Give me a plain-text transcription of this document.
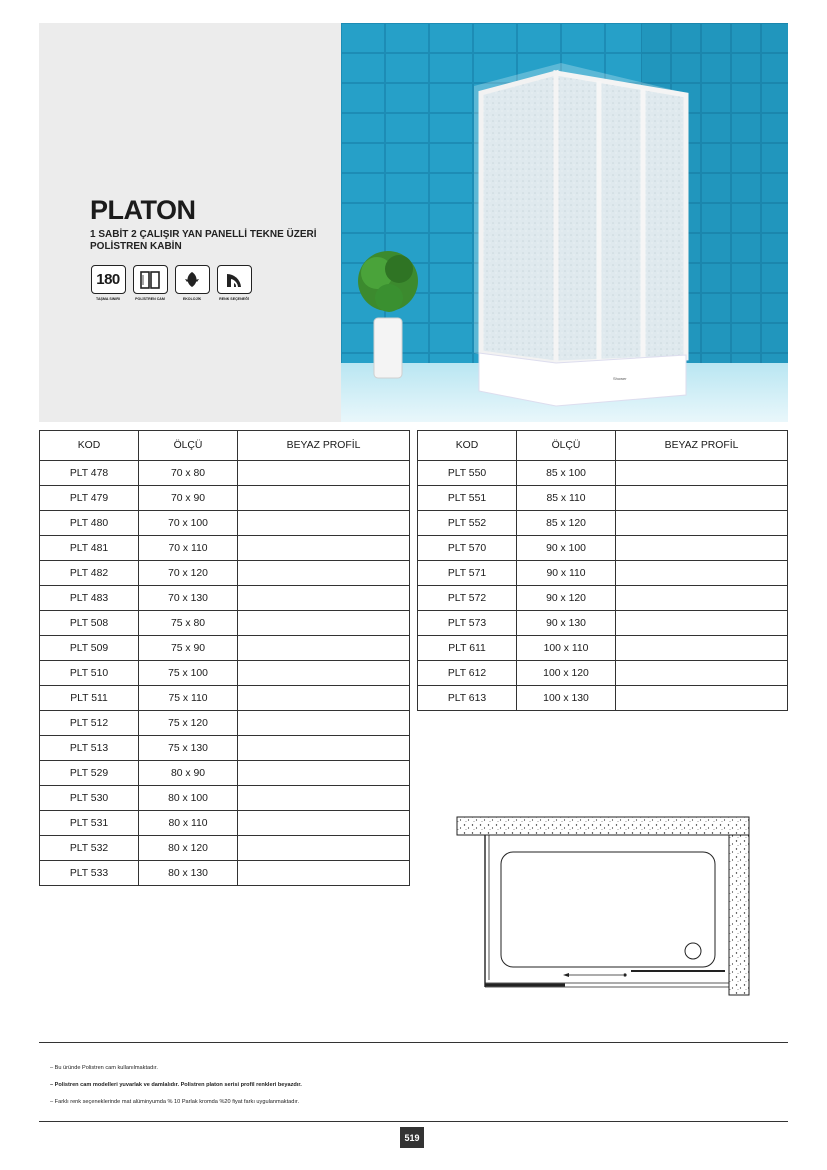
PLATON
1 SABİT 2 ÇALIŞIR YAN PANELLİ TEKNE ÜZERİ
POLİSTREN KABİN
180
TAŞMA SINIRI	POLİSTREN CAM	EKOLOJİK	RENK SEÇENEĞİ
Shower
KOD	ÖLÇÜ	BEYAZ PROFİL
PLT 478	70 x 80	
PLT 479	70 x 90	
PLT 480	70 x 100	
PLT 481	70 x 110	
PLT 482	70 x 120	
PLT 483	70 x 130	
PLT 508	75 x 80	
PLT 509	75 x 90	
PLT 510	75 x 100	
PLT 511	75 x 110	
PLT 512	75 x 120	
PLT 513	75 x 130	
PLT 529	80 x 90	
PLT 530	80 x 100	
PLT 531	80 x 110	
PLT 532	80 x 120	
PLT 533	80 x 130	
KOD	ÖLÇÜ	BEYAZ PROFİL
PLT 550	85 x 100	
PLT 551	85 x 110	
PLT 552	85 x 120	
PLT 570	90 x 100	
PLT 571	90 x 110	
PLT 572	90 x 120	
PLT 573	90 x 130	
PLT 611	100 x 110	
PLT 612	100 x 120	
PLT 613	100 x 130	
– Bu üründe Polistren cam kullanılmaktadır.
– Polistren cam modelleri yuvarlak ve damlalıdır. Polistren platon serisi profil renkleri beyazdır.
– Farklı renk seçeneklerinde mat alüminyumda % 10 Parlak kromda %20 fiyat farkı uygulanmaktadır.
519
